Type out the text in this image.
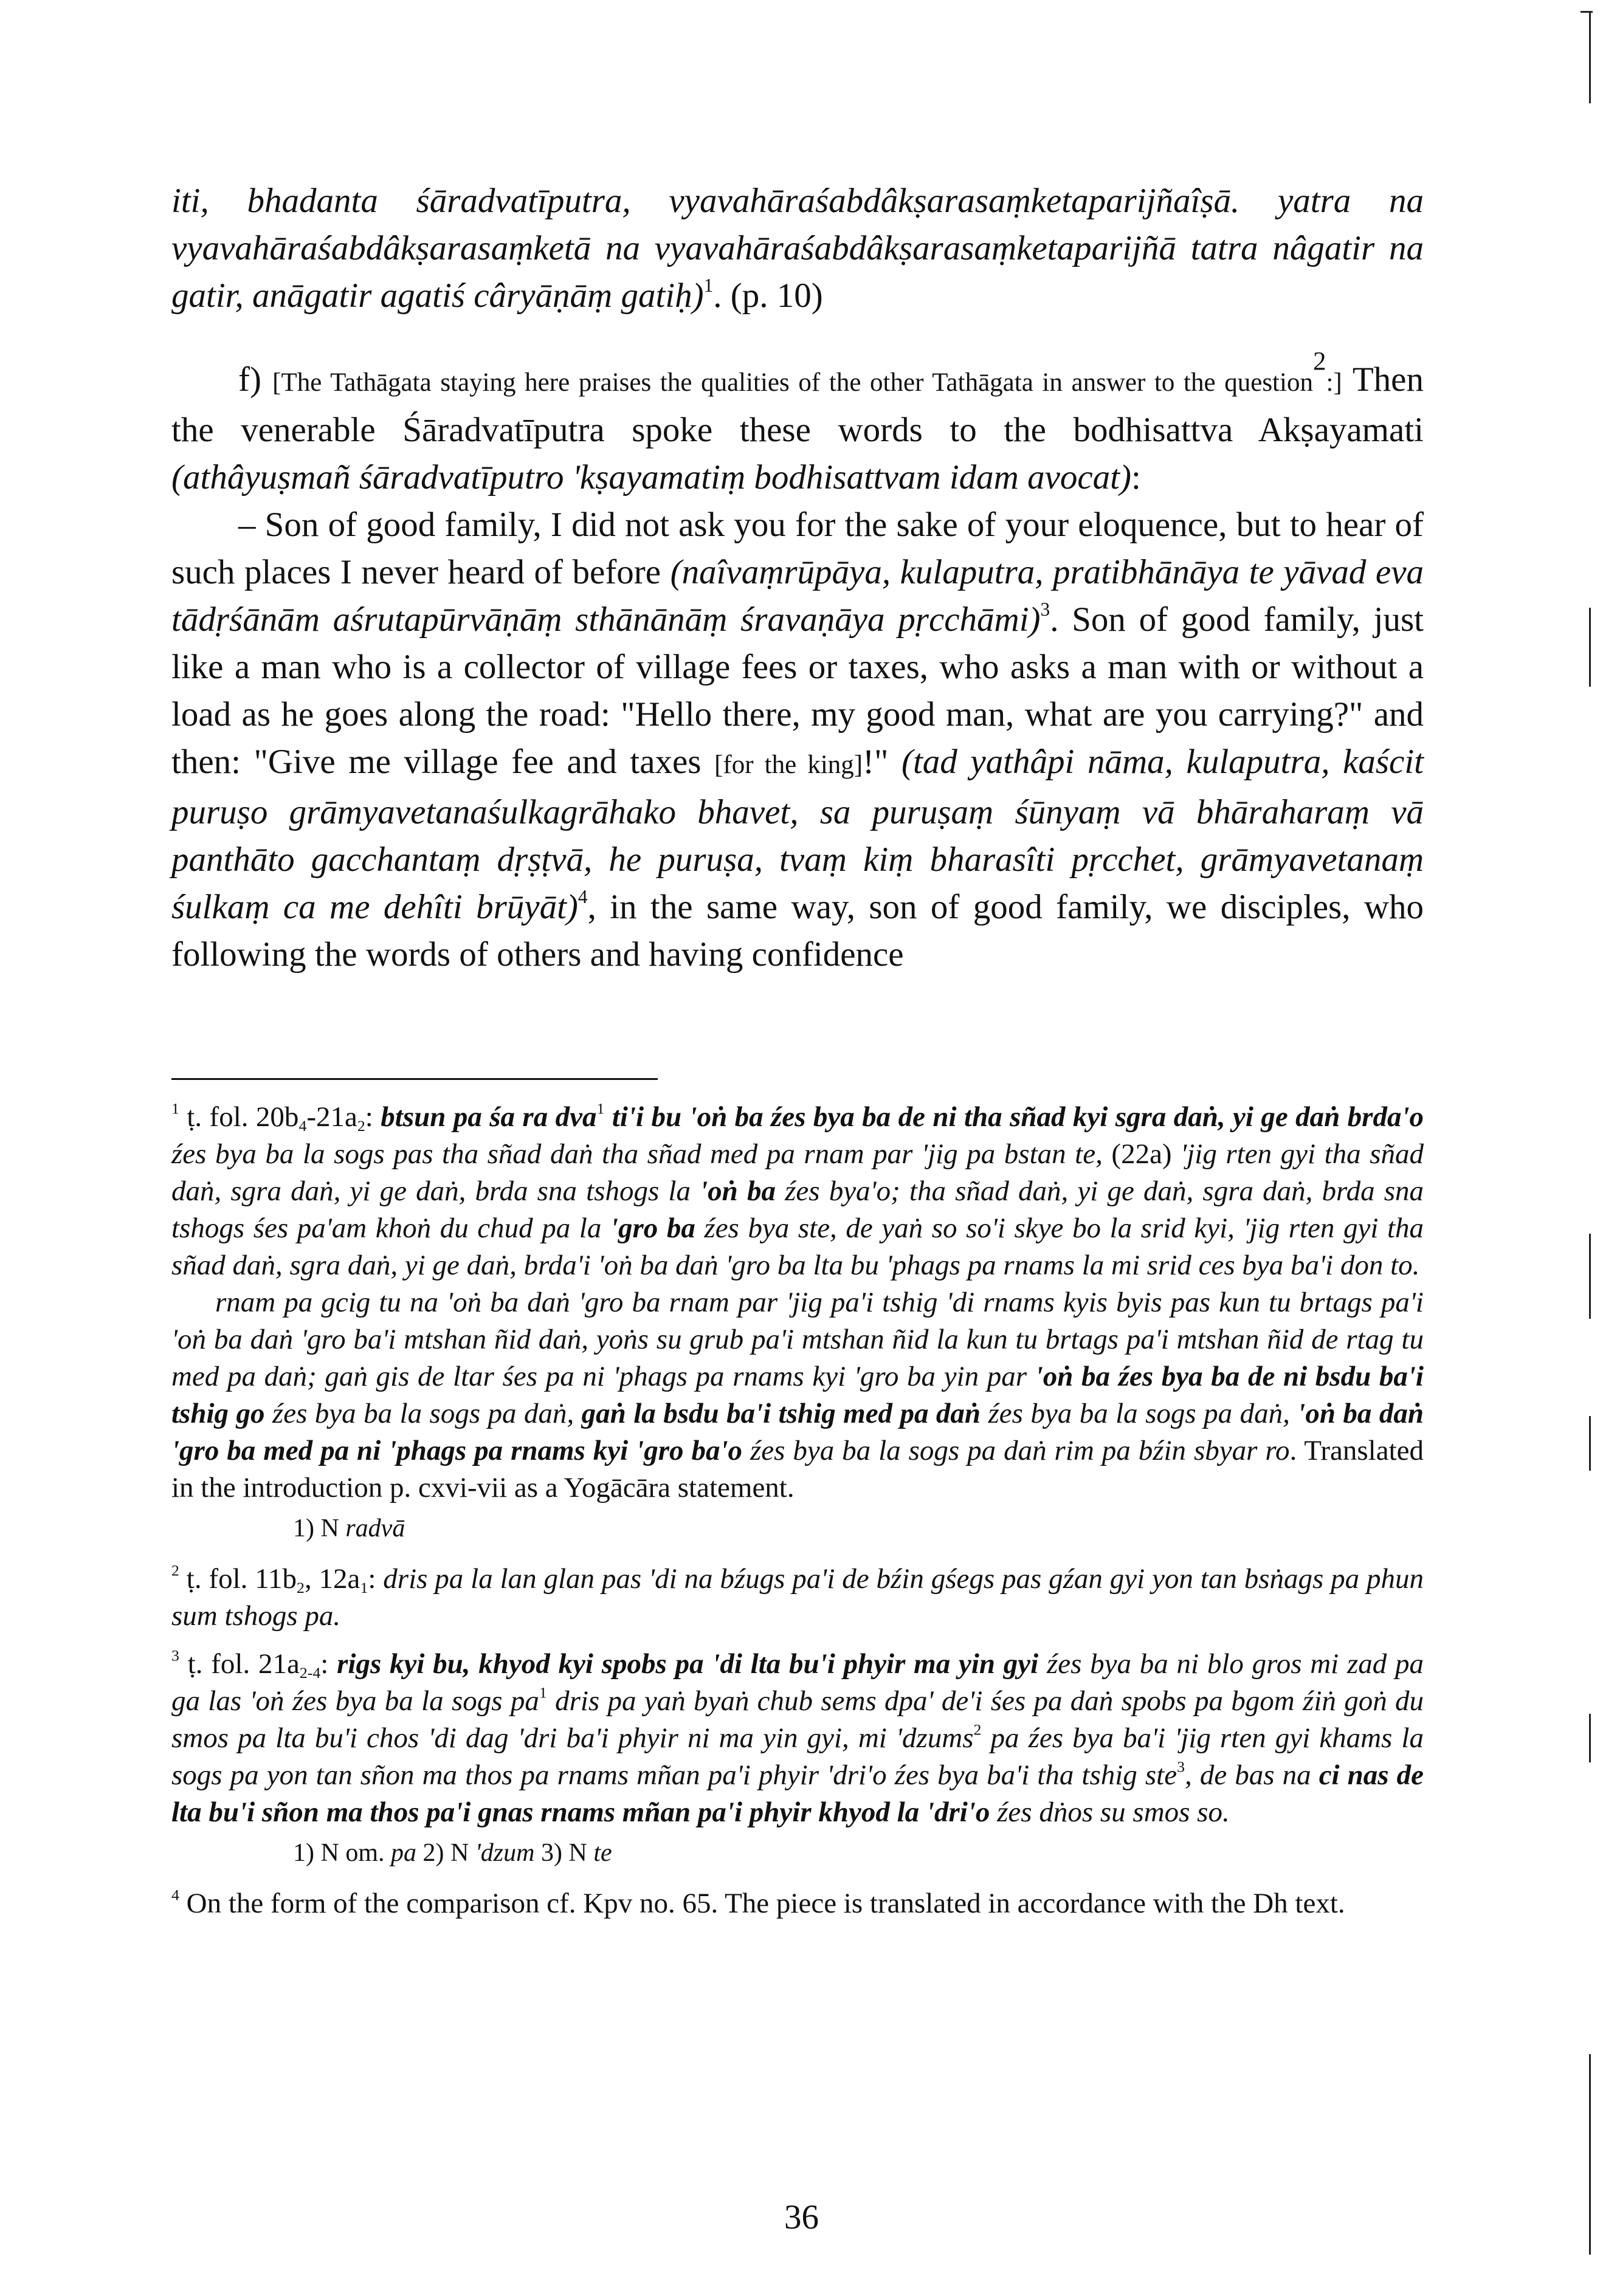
iti, bhadanta śāradvatīputra, vyavahāraśabdâkṣarasaṃketaparijñaîṣā. yatra na vyavahāraśabdâkṣarasaṃketā na vyavahāraśabdâkṣarasaṃketaparijñā tatra nâgatir na gatir, anāgatir agatiś câryāṇāṃ gatiḥ)$^1$. (p. 10)

f) [The Tathāgata staying here praises the qualities of the other Tathāgata in answer to the question$^2$:] Then the venerable Śāradvatīputra spoke these words to the bodhisattva Akṣayamati (athâyuṣmañ śāradvatīputro 'kṣayamatiṃ bodhisattvam idam avocat):

– Son of good family, I did not ask you for the sake of your eloquence, but to hear of such places I never heard of before (naîvaṃrūpāya, kulaputra, pratibhānāya te yāvad eva tādṛśānām aśrutapūrvāṇāṃ sthānānāṃ śravaṇāya pṛcchāmi)$^3$. Son of good family, just like a man who is a collector of village fees or taxes, who asks a man with or without a load as he goes along the road: "Hello there, my good man, what are you carrying?" and then: "Give me village fee and taxes [for the king]!" (tad yathâpi nāma, kulaputra, kaścit puruṣo grāmyavetanaśulkagrāhako bhavet, sa puruṣaṃ śūnyaṃ vā bhāraharaṃ vā panthāto gacchantaṃ dṛṣṭvā, he puruṣa, tvaṃ kiṃ bharasîti pṛcchet, grāmyavetanaṃ śulkaṃ ca me dehîti brūyāt)$^4$, in the same way, son of good family, we disciples, who following the words of others and having confidence

$^1$ ṭ. fol. $20b_4-21a_2$: btsun pa śa ra dva$^1$ ti'i bu 'oṅ ba źes bya ba de ni tha sñad kyi sgra daṅ, yi ge daṅ brda'o źes bya ba la sogs pas tha sñad daṅ tha sñad med pa rnam par 'jig pa bstan te, (22a) 'jig rten gyi tha sñad daṅ, sgra daṅ, yi ge daṅ, brda sna tshogs la 'oṅ ba źes bya'o; tha sñad daṅ, yi ge daṅ, sgra daṅ, brda sna tshogs śes pa'am khoṅ du chud pa la 'gro ba źes bya ste, de yaṅ so so'i skye bo la srid kyi, 'jig rten gyi tha sñad daṅ, sgra daṅ, yi ge daṅ, brda'i 'oṅ ba daṅ 'gro ba lta bu 'phags pa rnams la mi srid ces bya ba'i don to.

rnam pa gcig tu na 'oṅ ba daṅ 'gro ba rnam par 'jig pa'i tshig 'di rnams kyis byis pas kun tu brtags pa'i 'oṅ ba daṅ 'gro ba'i mtshan ñid daṅ, yoṅs su grub pa'i mtshan ñid la kun tu brtags pa'i mtshan ñid de rtag tu med pa daṅ; gaṅ gis de ltar śes pa ni 'phags pa rnams kyi 'gro ba yin par 'oṅ ba źes bya ba de ni bsdu ba'i tshig go źes bya ba la sogs pa daṅ, gaṅ la bsdu ba'i tshig med pa daṅ źes bya ba la sogs pa daṅ, 'oṅ ba daṅ 'gro ba med pa ni 'phags pa rnams kyi 'gro ba'o źes bya ba la sogs pa daṅ rim pa bźin sbyar ro. Translated in the introduction p. cxvi-vii as a Yogācāra statement.

1) N radvā

$^2$ ṭ. fol. $11b_2$, $12a_1$: dris pa la lan glan pas 'di na bźugs pa'i de bźin gśegs pas gźan gyi yon tan bsṅags pa phun sum tshogs pa.

$^3$ ṭ. fol. $21a_{2-4}$: rigs kyi bu, khyod kyi spobs pa 'di lta bu'i phyir ma yin gyi źes bya ba ni blo gros mi zad pa ga las 'oṅ źes bya ba la sogs $pa^1$ dris pa yaṅ byaṅ chub sems dpa' de'i śes pa daṅ spobs pa bgom źiṅ goṅ du smos pa lta bu'i chos 'di dag 'dri ba'i phyir ni ma yin gyi, mi 'dzums$^2$ pa źes bya ba'i 'jig rten gyi khams la sogs pa yon tan sñon ma thos pa rnams mñan pa'i phyir 'dri'o źes bya ba'i tha tshig ste$^3$, de bas na ci nas de lta bu'i sñon ma thos pa'i gnas rnams mñan pa'i phyir khyod la 'dri'o źes dṅos su smos so.

1) N om. pa 2) N 'dzum 3) N te

$^4$ On the form of the comparison cf. Kpv no. 65. The piece is translated in accordance with the Dh text.

36
